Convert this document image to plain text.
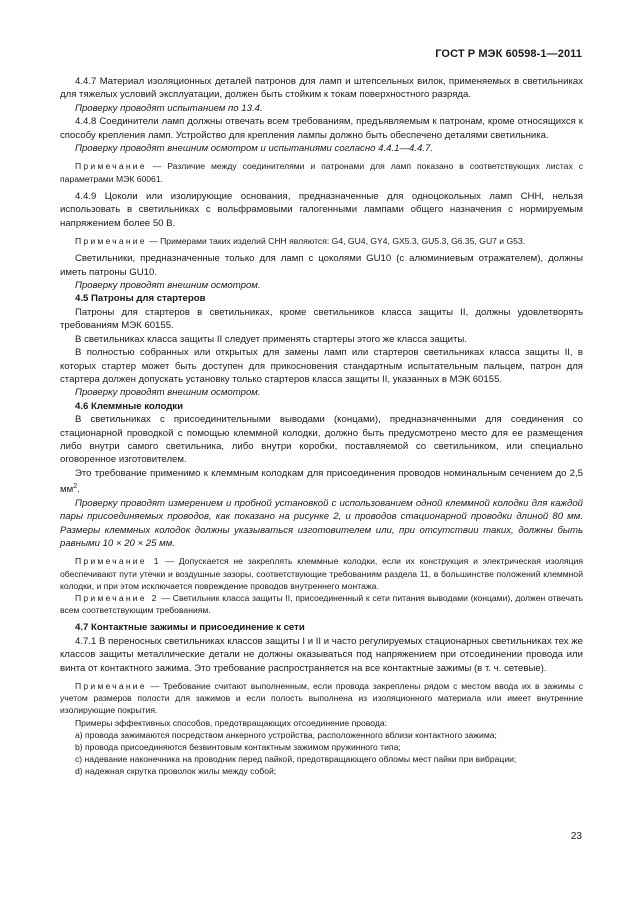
ГОСТ Р МЭК 60598-1—2011

4.4.7 Материал изоляционных деталей патронов для ламп и штепсельных вилок, применяемых в светильниках для тяжелых условий эксплуатации, должен быть стойким к токам поверхностного разряда.

Проверку проводят испытанием по 13.4.

4.4.8 Соединители ламп должны отвечать всем требованиям, предъявляемым к патронам, кроме относящихся к способу крепления ламп. Устройство для крепления лампы должно быть обеспечено деталями светильника.

Проверку проводят внешним осмотром и испытаниями согласно 4.4.1—4.4.7.

Примечание — Различие между соединителями и патронами для ламп показано в соответствующих листах с параметрами МЭК 60061.

4.4.9 Цоколи или изолирующие основания, предназначенные для одноцокольных ламп СНН, нельзя использовать в светильниках с вольфрамовыми галогенными лампами общего назначения с нормируемым напряжением более 50 В.

Примечание — Примерами таких изделий СНН являются: G4, GU4, GY4, GX5.3, GU5.3, G6.35, GU7 и G53.

Светильники, предназначенные только для ламп с цоколями GU10 (с алюминиевым отражателем), должны иметь патроны GU10.

Проверку проводят внешним осмотром.

4.5 Патроны для стартеров

Патроны для стартеров в светильниках, кроме светильников класса защиты II, должны удовлетворять требованиям МЭК 60155.

В светильниках класса защиты II следует применять стартеры этого же класса защиты.

В полностью собранных или открытых для замены ламп или стартеров светильниках класса защиты II, в которых стартер может быть доступен для прикосновения стандартным испытательным пальцем, патрон для стартера должен допускать установку только стартеров класса защиты II, указанных в МЭК 60155.

Проверку проводят внешним осмотром.

4.6 Клеммные колодки

В светильниках с присоединительными выводами (концами), предназначенными для соединения со стационарной проводкой с помощью клеммной колодки, должно быть предусмотрено место для ее размещения либо внутри самого светильника, либо внутри коробки, поставляемой со светильником, или специально оговоренное изготовителем.

Это требование применимо к клеммным колодкам для присоединения проводов номинальным сечением до 2,5 $мм^2$.

Проверку проводят измерением и пробной установкой с использованием одной клеммной колодки для каждой пары присоединяемых проводов, как показано на рисунке 2, и проводов стационарной проводки длиной 80 мм. Размеры клеммных колодок должны указываться изготовителем или, при отсутствии таких, должны быть равными 10 × 20 × 25 мм.

Примечание 1 — Допускается не закреплять клеммные колодки, если их конструкция и электрическая изоляция обеспечивают пути утечки и воздушные зазоры, соответствующие требованиям раздела 11, в большинстве положений клеммной колодки, и при этом исключается повреждение проводов внутреннего монтажа.

Примечание 2 — Светильник класса защиты II, присоединенный к сети питания выводами (концами), должен отвечать всем соответствующим требованиям.

4.7 Контактные зажимы и присоединение к сети

4.7.1 В переносных светильниках классов защиты I и II и часто регулируемых стационарных светильниках тех же классов защиты металлические детали не должны оказываться под напряжением при отсоединении провода или винта от контактного зажима. Это требование распространяется на все контактные зажимы (в т. ч. сетевые).

Примечание — Требование считают выполненным, если провода закреплены рядом с местом ввода их в зажимы с учетом размеров полости для зажимов и если полость выполнена из изоляционного материала или имеет внутренние изолирующие покрытия.

Примеры эффективных способов, предотвращающих отсоединение провода:

a) провода зажимаются посредством анкерного устройства, расположенного вблизи контактного зажима;

b) провода присоединяются безвинтовым контактным зажимом пружинного типа;

c) надевание наконечника на проводник перед пайкой, предотвращающего обломы мест пайки при вибрации;

d) надежная скрутка проволок жилы между собой;

23
